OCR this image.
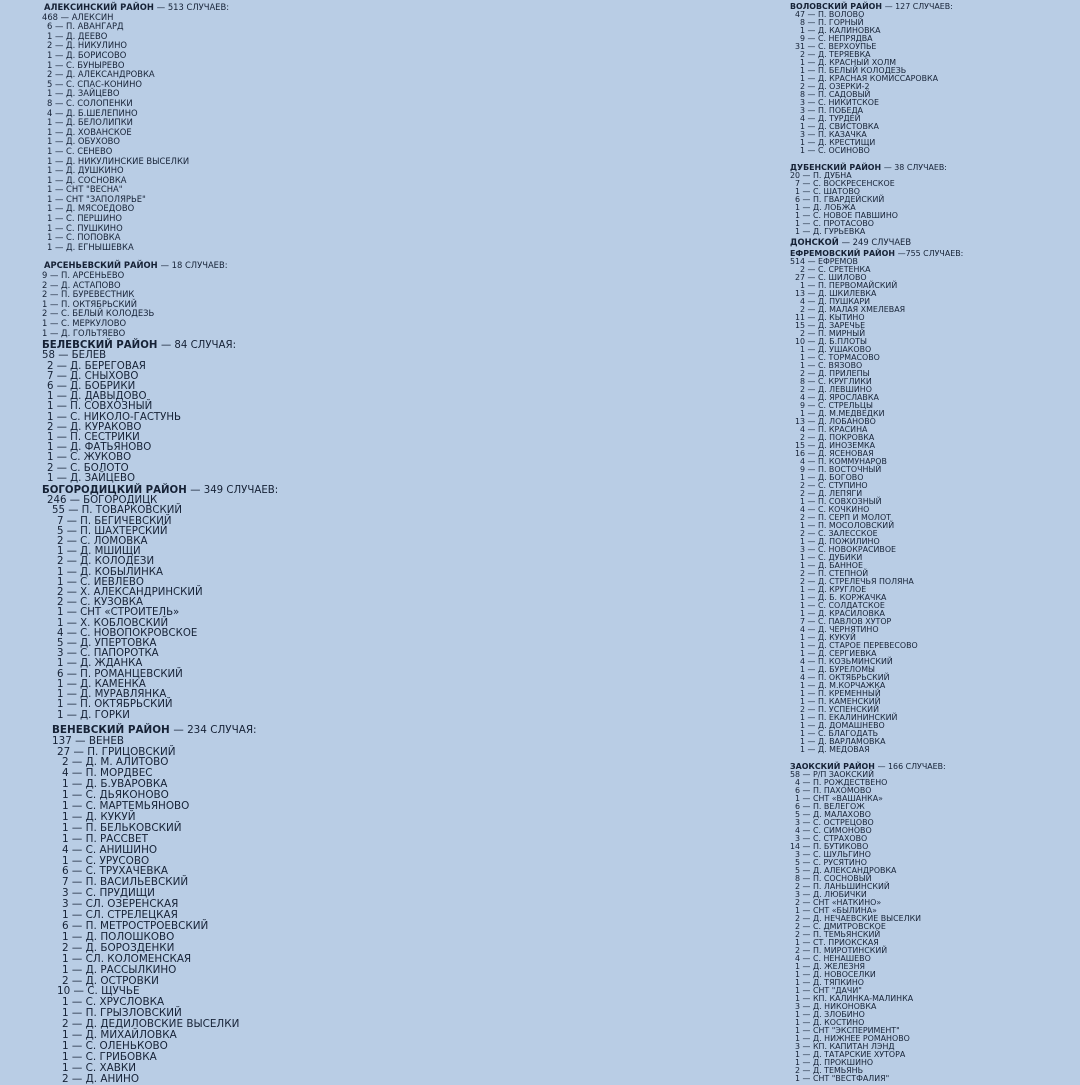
АЛЕКСИНСКИЙ РАЙОН — 513 СЛУЧАЕВ:
468 — АЛЕКСИН
6 — П. АВАНГАРД
1 — Д. ДЕЕВО
2 — Д. НИКУЛИНО
1 — Д. БОРИСОВО
1 — С. БУНЫРЕВО
2 — Д. АЛЕКСАНДРОВКА
5 — С. СПАС-КОНИНО
1 — Д. ЗАЙЦЕВО
8 — С. СОЛОПЕНКИ
4 — Д. Б.ШЕЛЕПИНО
1 — Д. БЕЛОЛИПКИ
1 — Д. ХОВАНСКОЕ
1 — Д. ОБУХОВО
1 — С. СЕНЕВО
1 — Д. НИКУЛИНСКИЕ ВЫСЕЛКИ
1 — Д. ДУШКИНО
1 — Д. СОСНОВКА
1 — СНТ "ВЕСНА"
1 — СНТ "ЗАПОЛЯРЬЕ"
1 — Д. МЯСОЕДОВО
1 — С. ПЕРШИНО
1 — С. ПУШКИНО
1 — С. ПОПОВКА
1 — Д. ЕГНЫШЕВКА
АРСЕНЬЕВСКИЙ РАЙОН — 18 СЛУЧАЕВ:
9 — П. АРСЕНЬЕВО
2 — Д. АСТАПОВО
2 — П. БУРЕВЕСТНИК
1 — П. ОКТЯБРЬСКИЙ
2 — С. БЕЛЫЙ КОЛОДЕЗЬ
1 — С. МЕРКУЛОВО
1 — Д. ГОЛЬТЯЕВО
БЕЛЕВСКИЙ РАЙОН — 84 СЛУЧАЯ:
58 — БЕЛЕВ
2 — Д. БЕРЕГОВАЯ
7 — Д. СНЫХОВО
6 — Д. БОБРИКИ
1 — Д. ДАВЫДОВО
1 — П. СОВХОЗНЫЙ
1 — С. НИКОЛО-ГАСТУНЬ
2 — Д. КУРАКОВО
1 — П. СЕСТРИКИ
1 — Д. ФАТЬЯНОВО
1 — С. ЖУКОВО
2 — С. БОЛОТО
1 — Д. ЗАЙЦЕВО
БОГОРОДИЦКИЙ РАЙОН — 349 СЛУЧАЕВ:
246 — БОГОРОДИЦК
55 — П. ТОВАРКОВСКИЙ
7 — П. БЕГИЧЕВСКИЙ
5 — П. ШАХТЕРСКИЙ
2 — С. ЛОМОВКА
1 — Д. МШИЩИ
2 — Д. КОЛОДЕЗИ
1 — Д. КОБЫЛИНКА
1 — С. ИЕВЛЕВО
2 — Х. АЛЕКСАНДРИНСКИЙ
2 — С. КУЗОВКА
1 — СНТ «СТРОИТЕЛЬ»
1 — Х. КОБЛОВСКИЙ
4 — С. НОВОПОКРОВСКОЕ
5 — Д. УПЕРТОВКА
3 — С. ПАПОРОТКА
1 — Д. ЖДАНКА
6 — П. РОМАНЦЕВСКИЙ
1 — Д. КАМЕНКА
1 — Д. МУРАВЛЯНКА
1 — П. ОКТЯБРЬСКИЙ
1 — Д. ГОРКИ
ВЕНЕВСКИЙ РАЙОН — 234 СЛУЧАЯ:
137 — ВЕНЕВ
27 — П. ГРИЦОВСКИЙ
2 — Д. М. АЛИТОВО
4 — П. МОРДВЕС
1 — Д. Б.УВАРОВКА
1 — С. ДЬЯКОНОВО
1 — С. МАРТЕМЬЯНОВО
1 — Д. КУКУЙ
1 — П. БЕЛЬКОВСКИЙ
1 — П. РАССВЕТ
4 — С. АНИШИНО
1 — С. УРУСОВО
6 — С. ТРУХАЧЕВКА
7 — П. ВАСИЛЬЕВСКИЙ
3 — С. ПРУДИЩИ
3 — СЛ. ОЗЕРЕНСКАЯ
1 — СЛ. СТРЕЛЕЦКАЯ
6 — П. МЕТРОСТРОЕВСКИЙ
1 — Д. ПОЛОШКОВО
2 — Д. БОРОЗДЕНКИ
1 — СЛ. КОЛОМЕНСКАЯ
1 — Д. РАССЫЛКИНО
2 — Д. ОСТРОВКИ
10 — С. ЩУЧЬЕ
1 — С. ХРУСЛОВКА
1 — П. ГРЫЗЛОВСКИЙ
2 — Д. ДЕДИЛОВСКИЕ ВЫСЕЛКИ
1 — Д. МИХАЙЛОВКА
1 — С. ОЛЕНЬКОВО
1 — С. ГРИБОВКА
1 — С. ХАВКИ
2 — Д. АНИНО
ВОЛОВСКИЙ РАЙОН — 127 СЛУЧАЕВ:
47 — П. ВОЛОВО
8 — П. ГОРНЫЙ
1 — Д. КАЛИНОВКА
9 — С. НЕПРЯДВА
31 — С. ВЕРХОУПЬЕ
2 — Д. ТЕРЯЕВКА
1 — Д. КРАСНЫЙ ХОЛМ
1 — П. БЕЛЫЙ КОЛОДЕЗЬ
1 — Д. КРАСНАЯ КОМИССАРОВКА
2 — Д. ОЗЕРКИ-2
8 — П. САДОВЫЙ
3 — С. НИКИТСКОЕ
3 — П. ПОБЕДА
4 — Д. ТУРДЕЙ
1 — Д. СВИСТОВКА
3 — П. КАЗАЧКА
1 — Д. КРЕСТИЩИ
1 — С. ОСИНОВО
ДУБЕНСКИЙ РАЙОН — 38 СЛУЧАЕВ:
20 — П. ДУБНА
7 — С. ВОСКРЕСЕНСКОЕ
1 — С. ШАТОВО
6 — П. ГВАРДЕЙСКИЙ
1 — Д. ЛОБЖА
1 — С. НОВОЕ ПАВШИНО
1 — С. ПРОТАСОВО
1 — Д. ГУРЬЕВКА
ДОНСКОЙ — 249 СЛУЧАЕВ
ЕФРЕМОВСКИЙ РАЙОН —755 СЛУЧАЕВ:
514 — ЕФРЕМОВ
2 — С. СРЕТЕНКА
27 — С. ШИЛОВО
1 — П. ПЕРВОМАЙСКИЙ
13 — Д. ШКИЛЕВКА
4 — Д. ПУШКАРИ
2 — Д. МАЛАЯ ХМЕЛЕВАЯ
11 — Д. КЫТИНО
15 — Д. ЗАРЕЧЬЕ
2 — П. МИРНЫЙ
10 — Д. Б.ПЛОТЫ
1 — Д. УШАКОВО
1 — С. ТОРМАСОВО
1 — С. ВЯЗОВО
2 — Д. ПРИЛЕПЫ
8 — С. КРУГЛИКИ
2 — Д. ЛЕВШИНО
4 — Д. ЯРОСЛАВКА
9 — С. СТРЕЛЬЦЫ
1 — Д. М.МЕДВЕДКИ
13 — Д. ЛОБАНОВО
4 — П. КРАСИНА
2 — Д. ПОКРОВКА
15 — Д. ИНОЗЕМКА
16 — Д. ЯСЕНОВАЯ
4 — П. КОММУНАРОВ
9 — П. ВОСТОЧНЫЙ
1 — Д. БОГОВО
2 — С. СТУПИНО
2 — Д. ЛЕПЯГИ
1 — П. СОВХОЗНЫЙ
4 — С. КОЧКИНО
2 — П. СЕРП И МОЛОТ
1 — П. МОСОЛОВСКИЙ
2 — С. ЗАЛЕССКОЕ
1 — Д. ПОЖИЛИНО
3 — С. НОВОКРАСИВОЕ
1 — С. ДУБИКИ
1 — Д. БАННОЕ
2 — П. СТЕПНОЙ
2 — Д. СТРЕЛЕЧЬЯ ПОЛЯНА
1 — Д. КРУГЛОЕ
1 — Д. Б. КОРЖАЧКА
1 — С. СОЛДАТСКОЕ
1 — Д. КРАСИЛОВКА
7 — С. ПАВЛОВ ХУТОР
4 — Д. ЧЕРНЯТИНО
1 — Д. КУКУЙ
1 — Д. СТАРОЕ ПЕРЕВЕСОВО
1 — Д. СЕРГИЕВКА
4 — П. КОЗЬМИНСКИЙ
1 — Д. БУРЕЛОМЫ
4 — П. ОКТЯБРЬСКИЙ
1 — Д. М.КОРЧАЖКА
1 — П. КРЕМЕННЫЙ
1 — П. КАМЕНСКИЙ
2 — П. УСПЕНСКИЙ
1 — П. ЕКАЛИНИНСКИЙ
1 — Д. ДОМАШНЕВО
1 — С. БЛАГОДАТЬ
1 — Д. ВАРЛАМОВКА
1 — Д. МЕДОВАЯ
ЗАОКСКИЙ РАЙОН — 166 СЛУЧАЕВ:
58 — Р/П ЗАОКСКИЙ
4 — П. РОЖДЕСТВЕНО
6 — П. ПАХОМОВО
1 — СНТ «ВАШАНКА»
6 — П. ВЕЛЕГОЖ
5 — Д. МАЛАХОВО
3 — С. ОСТРЕЦОВО
4 — С. СИМОНОВО
3 — С. СТРАХОВО
14 — П. БУТИКОВО
3 — С. ШУЛЬГИНО
5 — С. РУСЯТИНО
5 — Д. АЛЕКСАНДРОВКА
8 — П. СОСНОВЫЙ
2 — П. ЛАНЬШИНСКИЙ
3 — Д. ЛЮБИЧКИ
2 — СНТ «НАТКИНО»
1 — СНТ «БЫЛИНА»
2 — Д. НЕЧАЕВСКИЕ ВЫСЕЛКИ
2 — С. ДМИТРОВСКОЕ
2 — П. ТЕМЬЯНСКИЙ
1 — СТ. ПРИОКСКАЯ
2 — П. МИРОТИНСКИЙ
4 — С. НЕНАШЕВО
1 — Д. ЖЕЛЕЗНЯ
1 — Д. НОВОСЕЛКИ
1 — Д. ТЯПКИНО
1 — СНТ "ДАЧИ"
1 — КП. КАЛИНКА-МАЛИНКА
3 — Д. НИКОНОВКА
1 — Д. ЗЛОБИНО
1 — Д. КОСТИНО
1 — СНТ "ЭКСПЕРИМЕНТ"
1 — Д. НИЖНЕЕ РОМАНОВО
3 — КП. КАПИТАН ЛЭНД
1 — Д. ТАТАРСКИЕ ХУТОРА
1 — Д. ПРОКШИНО
2 — Д. ТЕМЬЯНЬ
1 — СНТ "ВЕСТФАЛИЯ"
